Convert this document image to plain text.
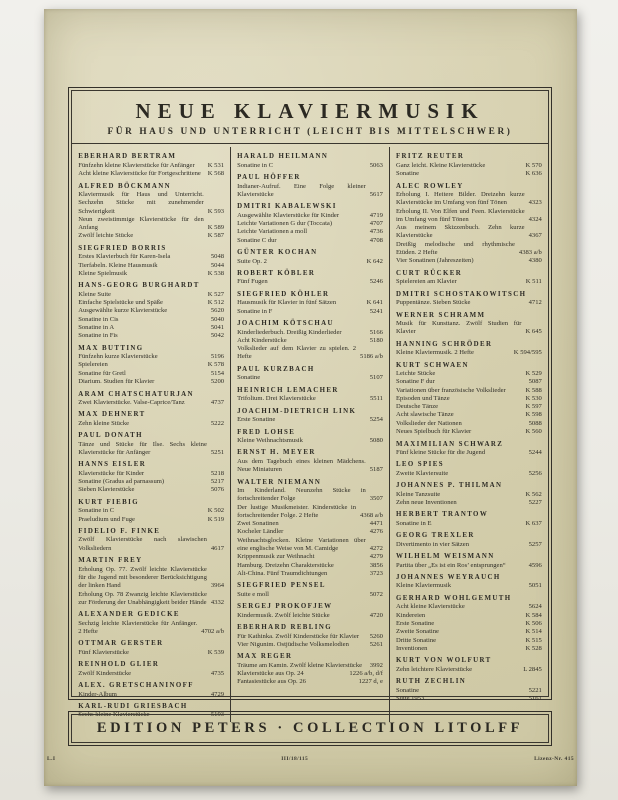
NEUE KLAVIERMUSIK
FÜR HAUS UND UNTERRICHT (LEICHT BIS MITTELSCHWER)
EBERHARD BERTRAM
Fünfzehn kleine Klavierstücke für Anfänger	K 531
Acht kleine Klavierstücke für Fortgeschrittene	K 568
ALFRED BÖCKMANN
Klaviermusik für Haus und Unterricht. Sechzehn Stücke mit zunehmender Schwierigkeit	K 593
Neun zweistimmige Klavierstücke für den Anfang	K 589
Zwölf leichte Stücke	K 587
SIEGFRIED BORRIS
Erstes Klavierbuch für Karen-Isela	5048
Tierfabeln. Kleine Hausmusik	5044
Kleine Spielmusik	K 538
HANS-GEORG BURGHARDT
Kleine Suite	K 527
Einfache Spielstücke und Späße	K 512
Ausgewählte kurze Klavierstücke	5620
Sonatine in Cis	5040
Sonatine in A	5041
Sonatine in Fis	5042
MAX BUTTING
Fünfzehn kurze Klavierstücke	5196
Spielereien	K 578
Sonatine für Gretl	5154
Diarium. Studien für Klavier	5200
ARAM CHATSCHATURJAN
Zwei Klavierstücke. Valse-Caprice/Tanz	4737
MAX DEHNERT
Zehn kleine Stücke	5222
PAUL DONATH
Tänze und Stücke für Ilse. Sechs kleine Klavierstücke für Anfänger	5251
HANNS EISLER
Klavierstücke für Kinder	5218
Sonatine (Gradus ad parnassum)	5217
Sieben Klavierstücke	5076
KURT FIEBIG
Sonatine in C	K 502
Praeludium und Fuge	K 519
FIDELIO F. FINKE
Zwölf Klavierstücke nach slawischen Volksliedern	4617
MARTIN FREY
Erholung Op. 77. Zwölf leichte Klavierstücke für die Jugend mit besonderer Berücksichtigung der linken Hand	3964
Erholung Op. 78 Zwanzig leichte Klavierstücke zur Förderung der Unabhängigkeit beider Hände 4332
ALEXANDER GEDICKE
Sechzig leichte Klavierstücke für Anfänger. 2 Hefte	4702 a/b
OTTMAR GERSTER
Fünf Klavierstücke	K 539
REINHOLD GLIER
Zwölf Kinderstücke	4735
ALEX. GRETSCHANINOFF
Kinder-Album	4729
KARL-RUDI GRIESBACH
Sechs kleine Klavierstücke	5193
HARALD HEILMANN
Sonatine in C	5063
PAUL HÖFFER
Indianer-Aufruf. Eine Folge kleiner Klavierstücke	5617
DMITRI KABALEWSKI
Ausgewählte Klavierstücke für Kinder	4719
Leichte Variationen G dur (Toccata)	4707
Leichte Variationen a moll	4736
Sonatine C dur	4708
GÜNTER KOCHAN
Suite Op. 2	K 642
ROBERT KÖBLER
Fünf Fugen	5246
SIEGFRIED KÖHLER
Hausmusik für Klavier in fünf Sätzen	K 641
Sonatine in F	5241
JOACHIM KÖTSCHAU
Kinderliederbuch. Dreißig Kinderlieder	5166
Acht Kinderstücke	5180
Volkslieder auf dem Klavier zu spielen. 2 Hefte	5186 a/b
PAUL KURZBACH
Sonatine	5107
HEINRICH LEMACHER
Trifolium. Drei Klavierstücke	5511
JOACHIM-DIETRICH LINK
Erste Sonatine	5254
FRED LOHSE
Kleine Weihnachtsmusik	5080
ERNST H. MEYER
Aus dem Tagebuch eines kleinen Mädchens. Neue Miniaturen	5187
WALTER NIEMANN
Im Kinderland. Neunzehn Stücke in fortschreitender Folge	3507
Der lustige Musikmeister. Kinderstücke in fortschreitender Folge. 2 Hefte	4368 a/b
Zwei Sonatinen	4471
Kocheler Ländler	4276
Weihnachtsglocken. Kleine Variationen über eine englische Weise von M. Camidge	4272
Krippenmusik zur Weihnacht	4279
Hamburg. Dreizehn Charakterstücke	3856
Alt-China. Fünf Traumdichtungen	3723
SIEGFRIED PENSEL
Suite e moll	5072
SERGEJ PROKOFJEW
Kindermusik. Zwölf leichte Stücke	4720
EBERHARD REBLING
Für Kathinka. Zwölf Kinderstücke für Klavier	5260
Vier Nigunim. Ostjüdische Volksmelodien	5261
MAX REGER
Träume am Kamin. Zwölf kleine Klavierstücke	3992
Klavierstücke aus Op. 24	1226 a/b, d/f
Fantasiestücke aus Op. 26	1227 d, e
FRITZ REUTER
Ganz leicht. Kleine Klavierstücke	K 570
Sonatine	K 636
ALEC ROWLEY
Erholung I. Heitere Bilder. Dreizehn kurze Klavierstücke im Umfang von fünf Tönen	4323
Erholung II. Von Elfen und Feen. Klavierstücke im Umfang von fünf Tönen	4324
Aus meinem Skizzenbuch. Zehn kurze Klavierstücke	4367
Dreißig melodische und rhythmische Etüden. 2 Hefte	4383 a/b
Vier Sonatinen (Jahreszeiten)	4380
CURT RÜCKER
Spielereien am Klavier	K 511
DMITRI SCHOSTAKOWITSCH
Puppentänze. Sieben Stücke	4712
WERNER SCHRAMM
Musik für Kunsttanz. Zwölf Studien für Klavier	K 645
HANNING SCHRÖDER
Kleine Klaviermusik. 2 Hefte	K 594/595
KURT SCHWAEN
Leichte Stücke	K 529
Sonatine F dur	5087
Variationen über französische Volkslieder	K 588
Episoden und Tänze	K 530
Deutsche Tänze	K 597
Acht slawische Tänze	K 598
Volkslieder der Nationen	5088
Neues Spielbuch für Klavier	K 560
MAXIMILIAN SCHWARZ
Fünf kleine Stücke für die Jugend	5244
LEO SPIES
Zweite Klaviersuite	5256
JOHANNES P. THILMAN
Kleine Tanzsuite	K 562
Zehn neue Inventionen	5227
HERBERT TRANTOW
Sonatine in E	K 637
GEORG TREXLER
Divertimento in vier Sätzen	5257
WILHELM WEISMANN
Partita über „Es ist ein Ros’ entsprungen“	4596
JOHANNES WEYRAUCH
Kleine Klaviermusik	5051
GERHARD WOHLGEMUTH
Acht kleine Klavierstücke	5624
Kindereien	K 584
Erste Sonatine	K 506
Zweite Sonatine	K 514
Dritte Sonatine	K 515
Inventionen	K 528
KURT VON WOLFURT
Zehn leichtere Klavierstücke	L 2845
RUTH ZECHLIN
Sonatine	5221
Suite 1953	5161
EDITION PETERS · COLLECTION LITOLFF
L.I	III/18/115	Lizenz-Nr. 415
